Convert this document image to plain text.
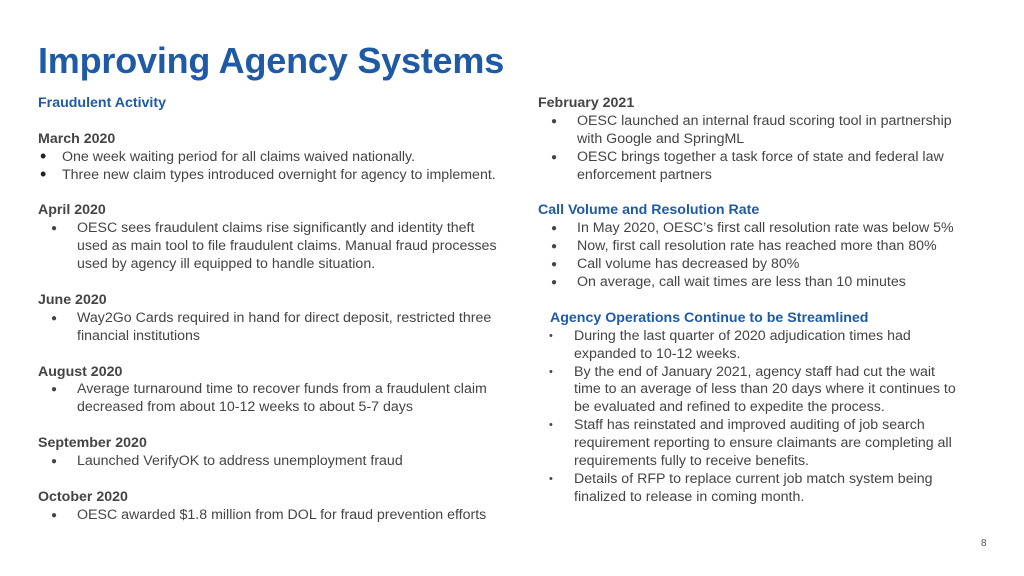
Improving Agency Systems
Fraudulent Activity
March 2020
• One week waiting period for all claims waived nationally.
• Three new claim types introduced overnight for agency to implement.
April 2020
● OESC sees fraudulent claims rise significantly and identity theft used as main tool to file fraudulent claims. Manual fraud processes used by agency ill equipped to handle situation.
June 2020
● Way2Go Cards required in hand for direct deposit, restricted three financial institutions
August 2020
● Average turnaround time to recover funds from a fraudulent claim decreased from about 10-12 weeks to about 5-7 days
September 2020
● Launched VerifyOK to address unemployment fraud
October 2020
● OESC awarded $1.8 million from DOL for fraud prevention efforts
February 2021
● OESC launched an internal fraud scoring tool in partnership with Google and SpringML
● OESC brings together a task force of state and federal law enforcement partners
Call Volume and Resolution Rate
● In May 2020, OESC’s first call resolution rate was below 5%
● Now, first call resolution rate has reached more than 80%
● Call volume has decreased by 80%
● On average, call wait times are less than 10 minutes
Agency Operations Continue to be Streamlined
• During the last quarter of 2020 adjudication times had expanded to 10-12 weeks.
• By the end of January 2021, agency staff had cut the wait time to an average of less than 20 days where it continues to be evaluated and refined to expedite the process.
• Staff has reinstated and improved auditing of job search requirement reporting to ensure claimants are completing all requirements fully to receive benefits.
• Details of RFP to replace current job match system being finalized to release in coming month.
8
